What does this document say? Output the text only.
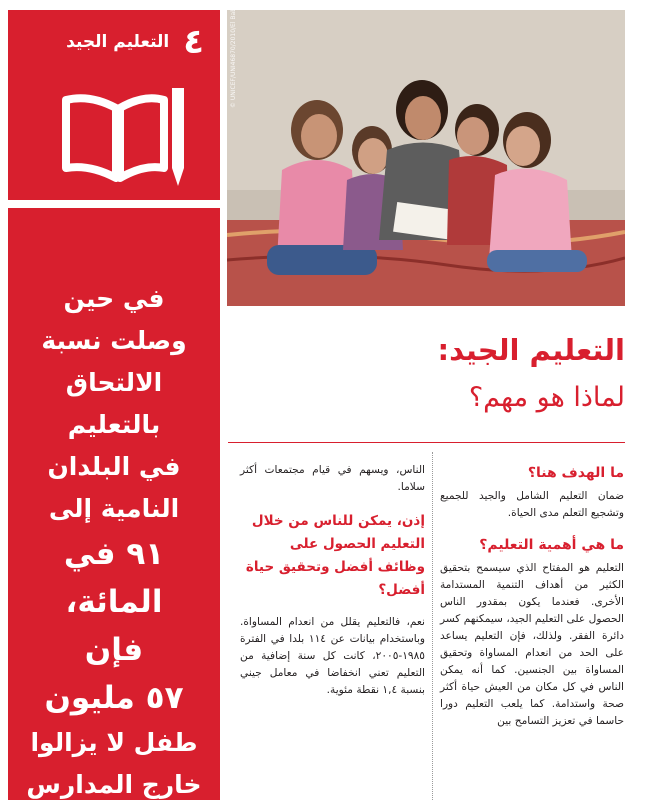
٤
التعليم الجيد
في حين
وصلت نسبة
الالتحاق
بالتعليم
في البلدان
النامية إلى
٩١ في المائة،
فإن
٥٧ مليون
طفل لا يزالوا
خارج المدارس
© UNICEF/UNI46870/2010/El Baba
التعليم الجيد:
لماذا هو مهم؟
ما الهدف هنا؟

ضمان التعليم الشامل والجيد للجميع وتشجيع التعلم مدى الحياة.

ما هي أهمية التعليم؟

التعليم هو المفتاح الذي سيسمح بتحقيق الكثير من أهداف التنمية المستدامة الأخرى. فعندما يكون بمقدور الناس الحصول على التعليم الجيد، سيمكنهم كسر دائرة الفقر. ولذلك، فإن التعليم يساعد على الحد من انعدام المساواة وتحقيق المساواة بين الجنسين. كما أنه يمكن الناس في كل مكان من العيش حياة أكثر صحة واستدامة. كما يلعب التعليم دورا حاسما في تعزيز التسامح بين

الناس، ويسهم في قيام مجتمعات أكثر سلاما.

إذن، يمكن للناس من خلال التعليم الحصول على وظائف أفضل وتحقيق حياة أفضل؟

نعم، فالتعليم يقلل من انعدام المساواة. وباستخدام بيانات عن ١١٤ بلدا في الفترة ١٩٨٥-٢٠٠٥، كانت كل سنة إضافية من التعليم تعني انخفاضا في معامل جيني بنسبة ١,٤ نقطة مئوية.
